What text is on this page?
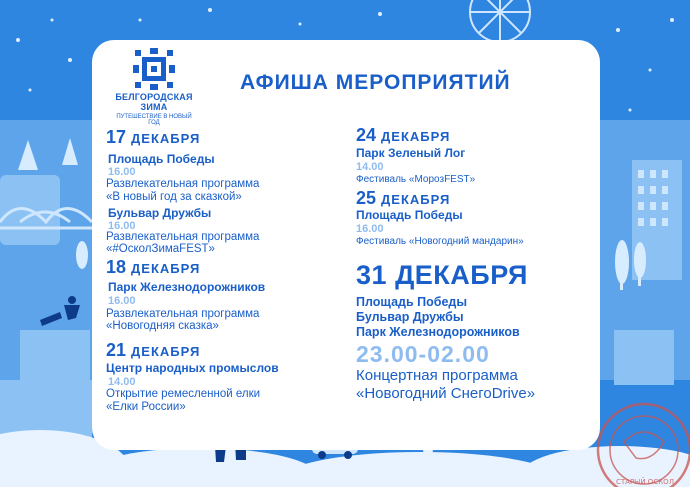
БЕЛГОРОДСКАЯ
ЗИМА
ПУТЕШЕСТВИЕ В НОВЫЙ ГОД
АФИША МЕРОПРИЯТИЙ
17 ДЕКАБРЯ
Площадь Победы
16.00
Развлекательная программа
«В новый год за сказкой»
Бульвар Дружбы
16.00
Развлекательная программа
«#ОсколЗимаFEST»
18 ДЕКАБРЯ
Парк Железнодорожников
16.00
Развлекательная программа
«Новогодняя сказка»
21 ДЕКАБРЯ
Центр народных промыслов
14.00
Открытие ремесленной елки
«Елки России»
24 ДЕКАБРЯ
Парк Зеленый Лог
14.00
Фестиваль «МорозFEST»
25 ДЕКАБРЯ
Площадь Победы
16.00
Фестиваль «Новогодний мандарин»
31 ДЕКАБРЯ
Площадь Победы
Бульвар Дружбы
Парк Железнодорожников
23.00-02.00
Концертная программа
«Новогодний СнегоDrive»
СТАРЫЙ ОСКОЛ
